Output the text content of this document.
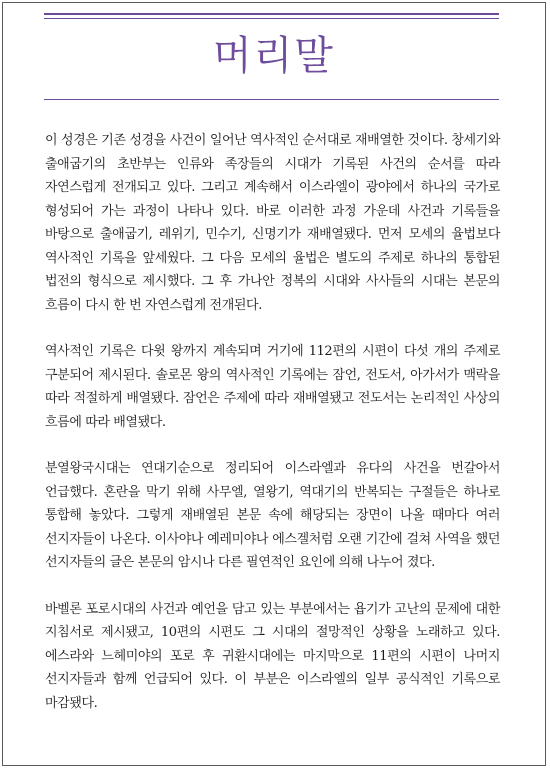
머리말

이 성경은 기존 성경을 사건이 일어난 역사적인 순서대로 재배열한 것이다. 창세기와 출애굽기의 초반부는 인류와 족장들의 시대가 기록된 사건의 순서를 따라 자연스럽게 전개되고 있다. 그리고 계속해서 이스라엘이 광야에서 하나의 국가로 형성되어 가는 과정이 나타나 있다. 바로 이러한 과정 가운데 사건과 기록들을 바탕으로 출애굽기, 레위기, 민수기, 신명기가 재배열됐다. 먼저 모세의 율법보다 역사적인 기록을 앞세웠다. 그 다음 모세의 율법은 별도의 주제로 하나의 통합된 법전의 형식으로 제시했다. 그 후 가나안 정복의 시대와 사사들의 시대는 본문의 흐름이 다시 한 번 자연스럽게 전개된다.

역사적인 기록은 다윗 왕까지 계속되며 거기에 112편의 시편이 다섯 개의 주제로 구분되어 제시된다. 솔로몬 왕의 역사적인 기록에는 잠언, 전도서, 아가서가 맥락을 따라 적절하게 배열됐다. 잠언은 주제에 따라 재배열됐고 전도서는 논리적인 사상의 흐름에 따라 배열됐다.

분열왕국시대는 연대기순으로 정리되어 이스라엘과 유다의 사건을 번갈아서 언급했다. 혼란을 막기 위해 사무엘, 열왕기, 역대기의 반복되는 구절들은 하나로 통합해 놓았다. 그렇게 재배열된 본문 속에 해당되는 장면이 나올 때마다 여러 선지자들이 나온다. 이사야나 예레미야나 에스겔처럼 오랜 기간에 걸쳐 사역을 했던 선지자들의 글은 본문의 암시나 다른 필연적인 요인에 의해 나누어 졌다.

바벨론 포로시대의 사건과 예언을 담고 있는 부분에서는 욥기가 고난의 문제에 대한 지침서로 제시됐고, 10편의 시편도 그 시대의 절망적인 상황을 노래하고 있다. 에스라와 느헤미야의 포로 후 귀환시대에는 마지막으로 11편의 시편이 나머지 선지자들과 함께 언급되어 있다. 이 부분은 이스라엘의 일부 공식적인 기록으로 마감됐다.
